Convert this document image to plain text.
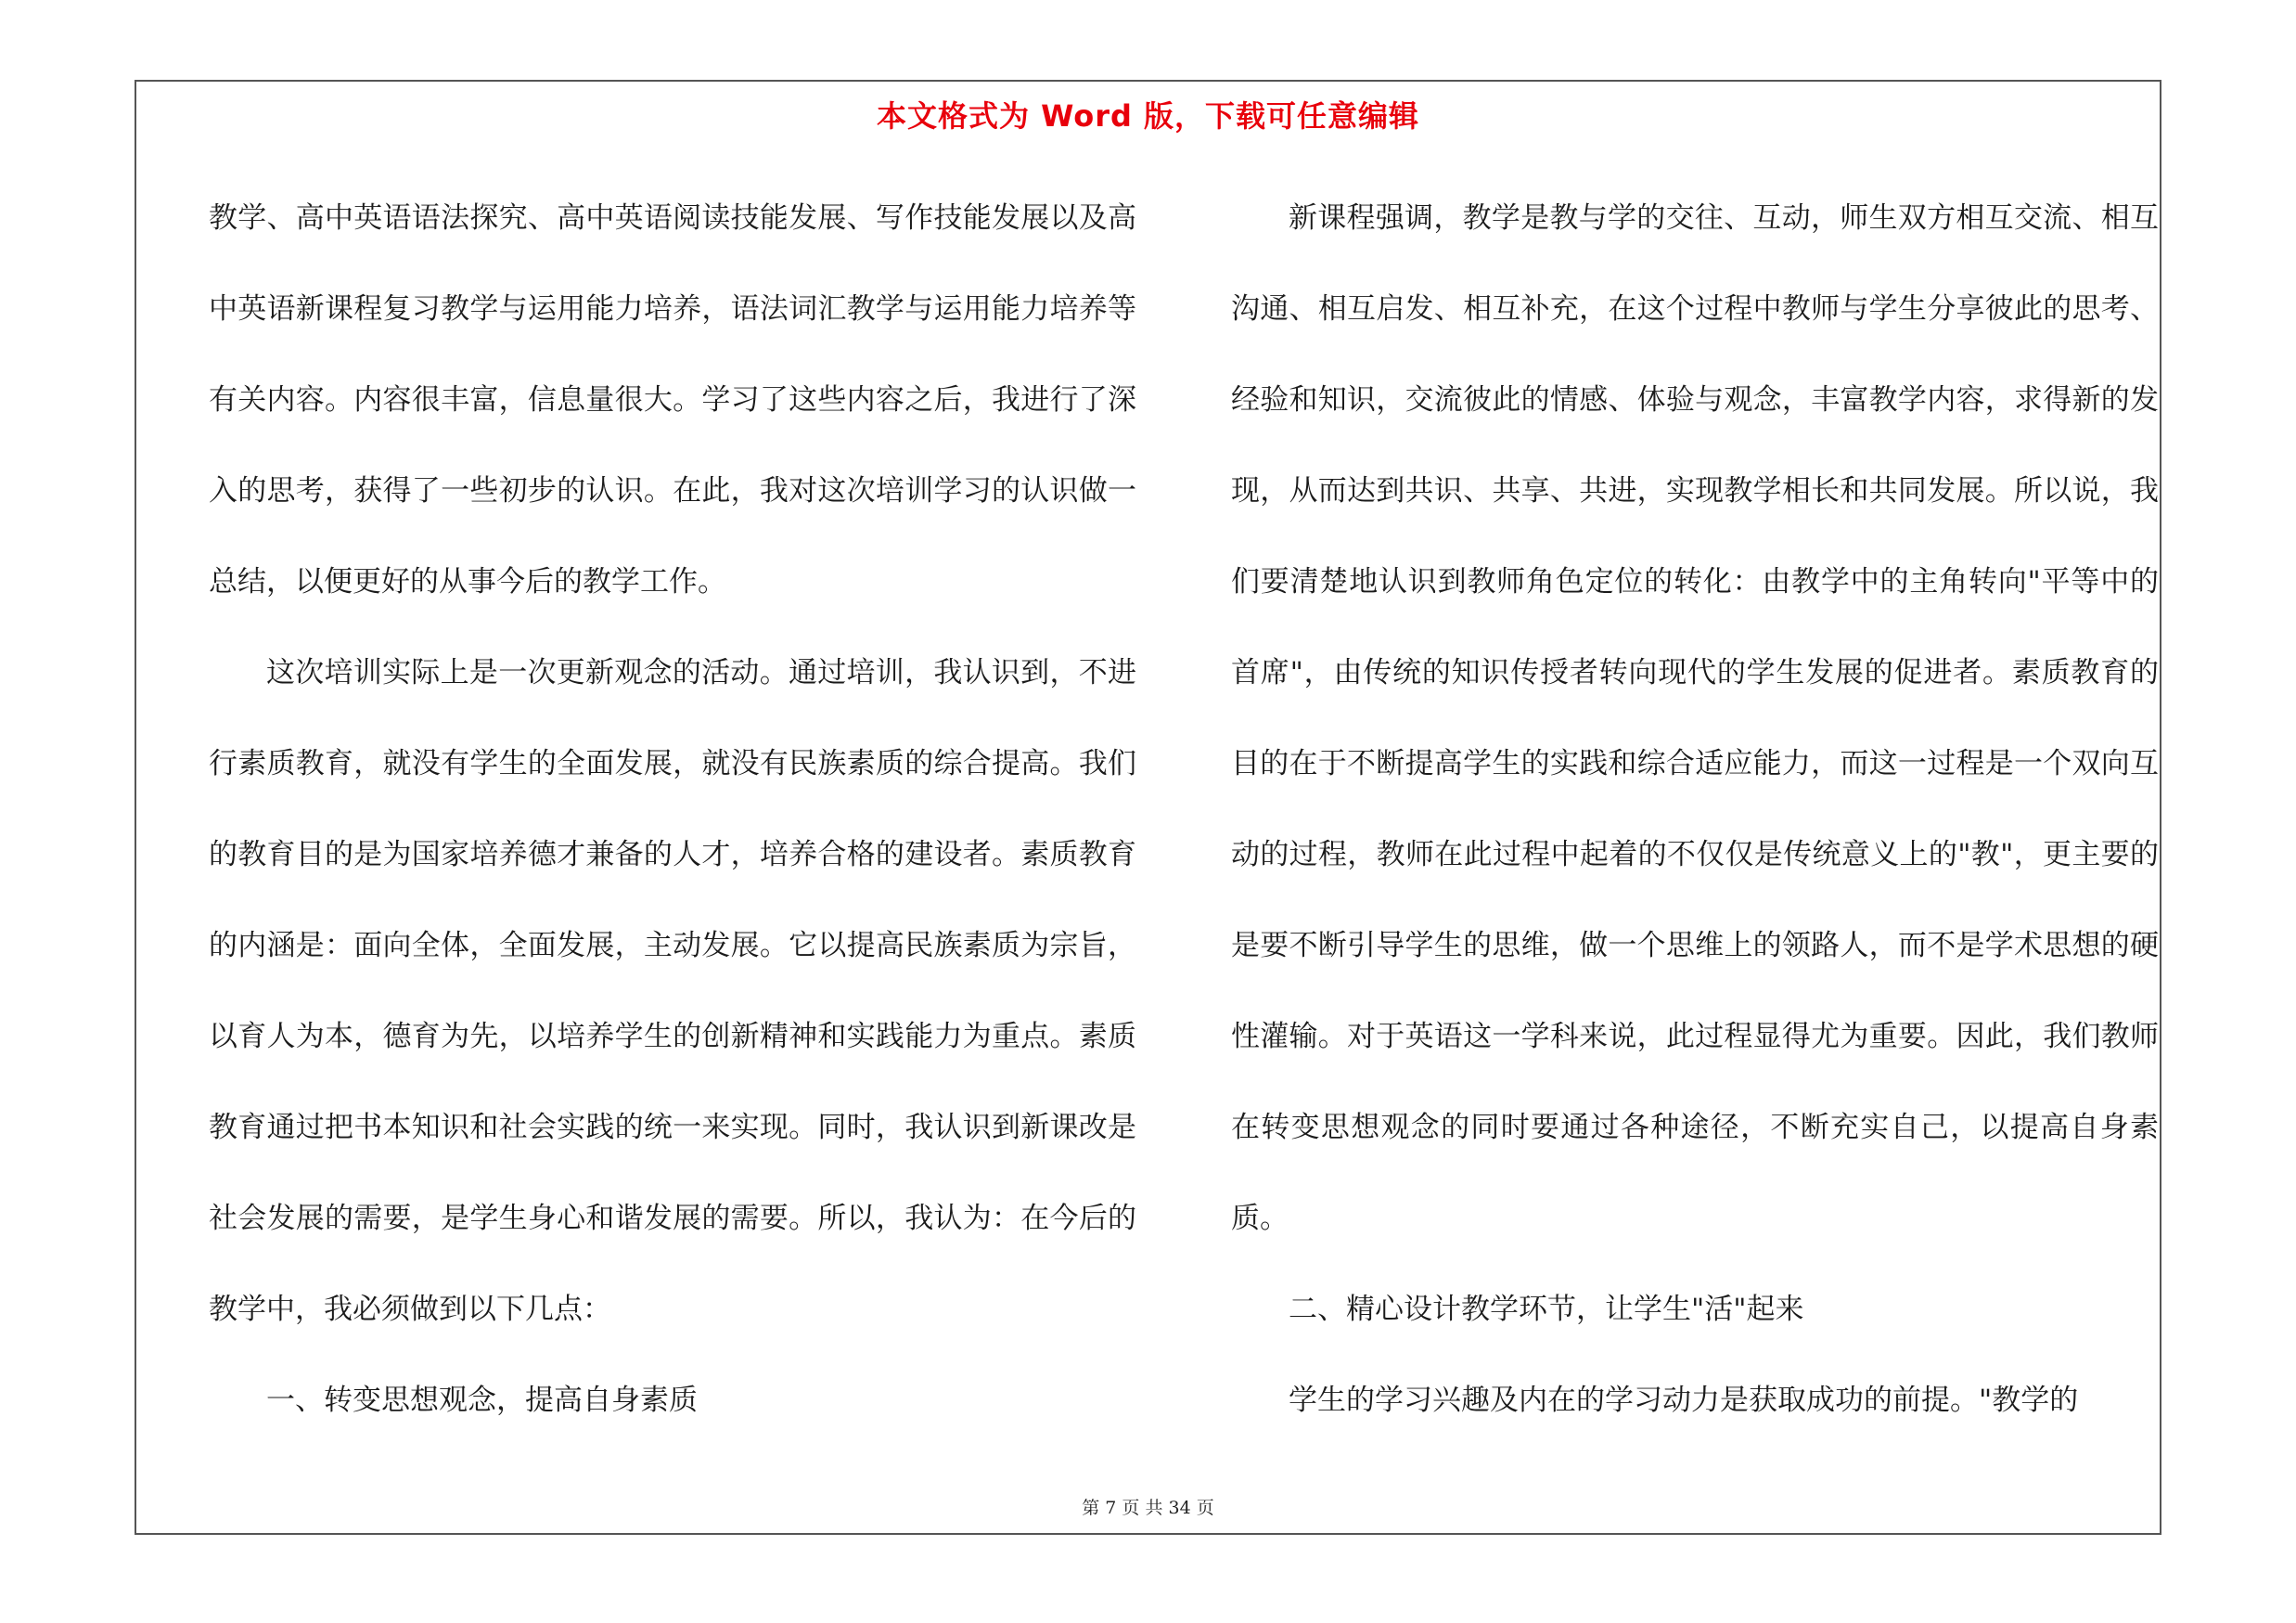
本文格式为 Word 版，下载可任意编辑

教学、高中英语语法探究、高中英语阅读技能发展、写作技能发展以及高中英语新课程复习教学与运用能力培养，语法词汇教学与运用能力培养等有关内容。内容很丰富，信息量很大。学习了这些内容之后，我进行了深入的思考，获得了一些初步的认识。在此，我对这次培训学习的认识做一总结，以便更好的从事今后的教学工作。

这次培训实际上是一次更新观念的活动。通过培训，我认识到，不进行素质教育，就没有学生的全面发展，就没有民族素质的综合提高。我们的教育目的是为国家培养德才兼备的人才，培养合格的建设者。素质教育的内涵是：面向全体，全面发展，主动发展。它以提高民族素质为宗旨，以育人为本，德育为先，以培养学生的创新精神和实践能力为重点。素质教育通过把书本知识和社会实践的统一来实现。同时，我认识到新课改是社会发展的需要，是学生身心和谐发展的需要。所以，我认为：在今后的教学中，我必须做到以下几点：

一、转变思想观念，提高自身素质

新课程强调，教学是教与学的交往、互动，师生双方相互交流、相互沟通、相互启发、相互补充，在这个过程中教师与学生分享彼此的思考、经验和知识，交流彼此的情感、体验与观念，丰富教学内容，求得新的发现，从而达到共识、共享、共进，实现教学相长和共同发展。所以说，我们要清楚地认识到教师角色定位的转化：由教学中的主角转向"平等中的首席"，由传统的知识传授者转向现代的学生发展的促进者。素质教育的目的在于不断提高学生的实践和综合适应能力，而这一过程是一个双向互动的过程，教师在此过程中起着的不仅仅是传统意义上的"教"，更主要的是要不断引导学生的思维，做一个思维上的领路人，而不是学术思想的硬性灌输。对于英语这一学科来说，此过程显得尤为重要。因此，我们教师在转变思想观念的同时要通过各种途径，不断充实自己，以提高自身素质。

二、精心设计教学环节，让学生"活"起来

学生的学习兴趣及内在的学习动力是获取成功的前提。"教学的

第 7 页 共 34 页
